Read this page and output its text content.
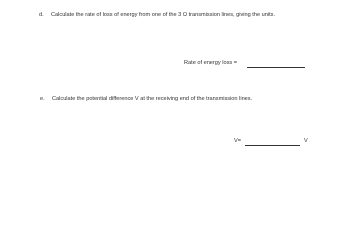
d. Calculate the rate of loss of energy from one of the 3 Ω transmission lines, giving the units.
Rate of energy loss =
e. Calculate the potential difference V at the receiving end of the transmission lines.
V=	V
